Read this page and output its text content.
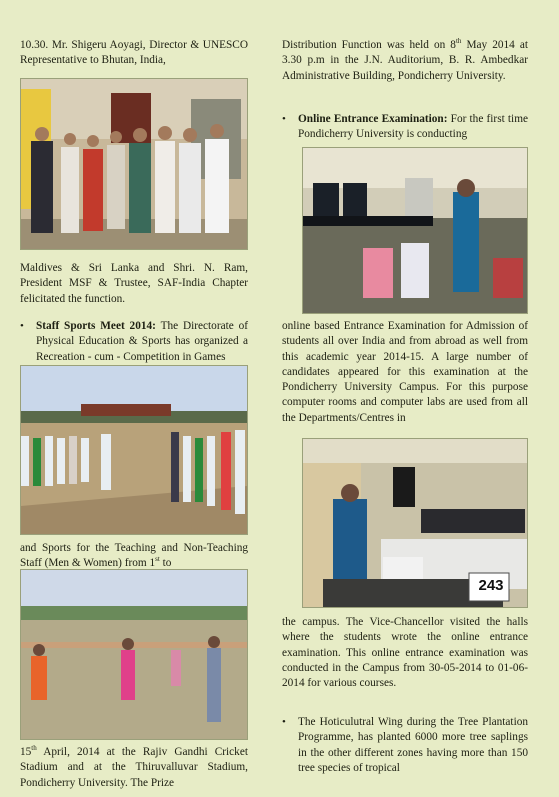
10.30. Mr. Shigeru Aoyagi, Director & UNESCO Representative to Bhutan, India,

Maldives & Sri Lanka and Shri. N. Ram, President MSF & Trustee, SAF-India Chapter felicitated the function.

• Staff Sports Meet 2014: The Directorate of Physical Education & Sports has organized a Recreation - cum - Competition in Games

and Sports for the Teaching and Non-Teaching Staff (Men & Women) from 1st to

15th April, 2014 at the Rajiv Gandhi Cricket Stadium and at the Thiruvalluvar Stadium, Pondicherry University. The Prize

Distribution Function was held on 8th May 2014 at 3.30 p.m in the J.N. Auditorium, B. R. Ambedkar Administrative Building, Pondicherry University.

• Online Entrance Examination: For the first time Pondicherry University is conducting

online based Entrance Examination for Admission of students all over India and from abroad as well from this academic year 2014-15. A large number of candidates appeared for this examination at the Pondicherry University Campus. For this purpose computer rooms and computer labs are used from all the Departments/Centres in

243

the campus. The Vice-Chancellor visited the halls where the students wrote the online entrance examination. This online entrance examination was conducted in the Campus from 30-05-2014 to 01-06-2014 for various courses.

• The Hoticulutral Wing during the Tree Plantation Programme, has planted 6000 more tree saplings in the other different zones having more than 150 tree species of tropical
